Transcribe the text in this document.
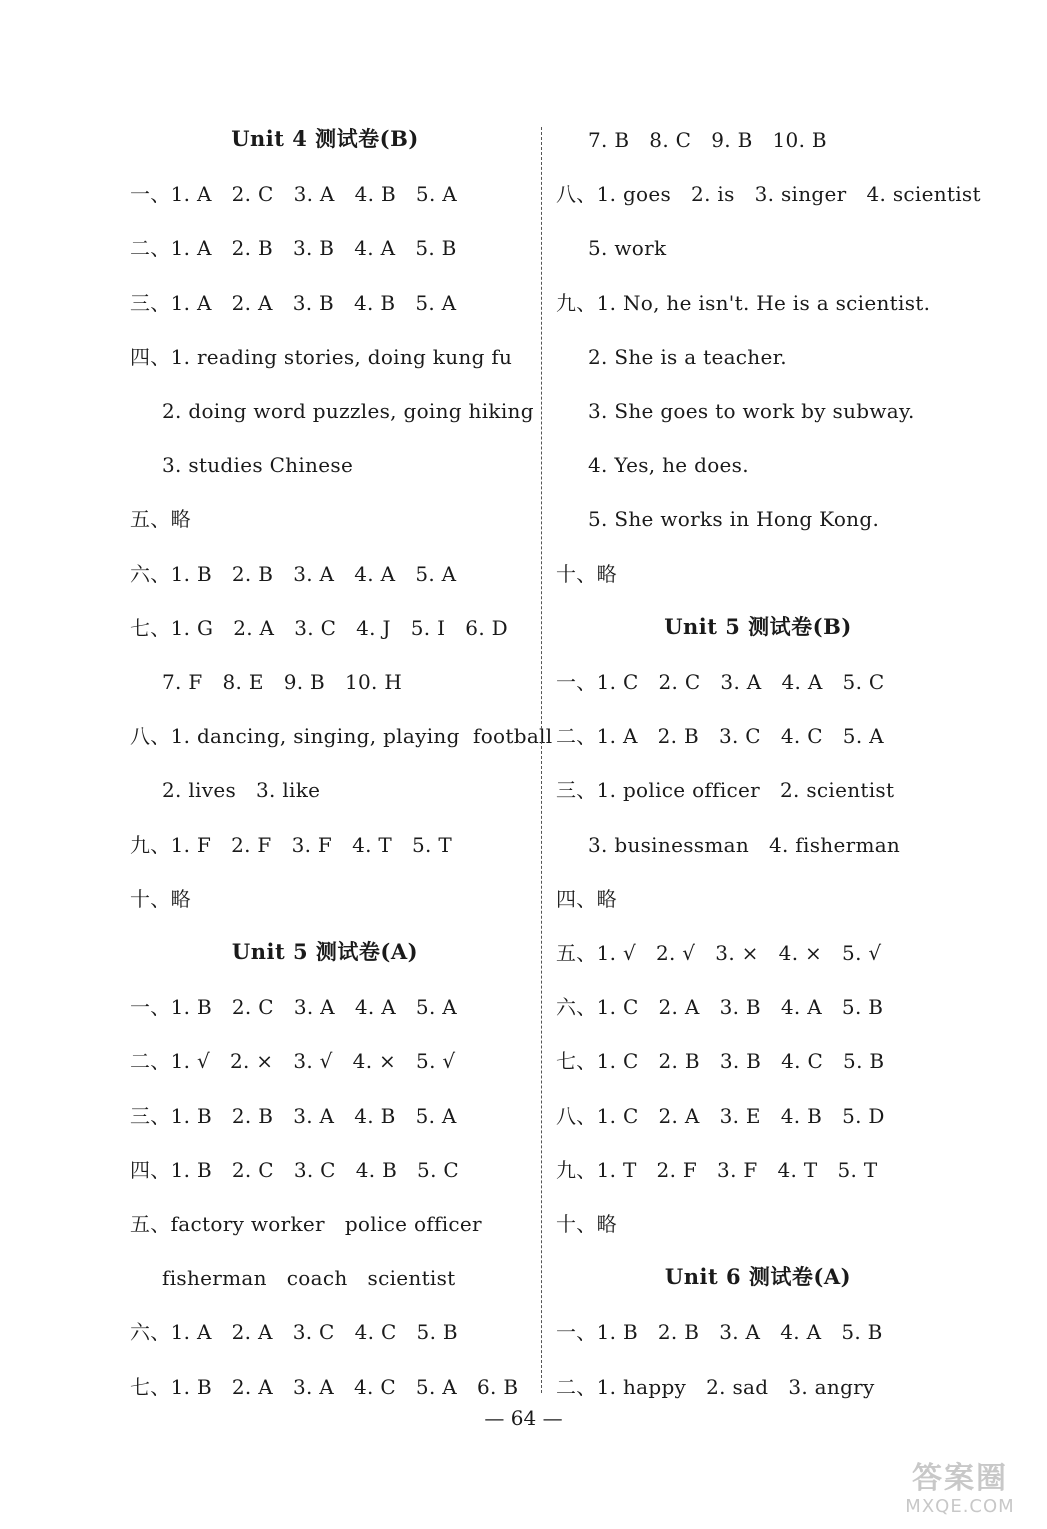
Unit 4 测试卷(B)
一、1. A   2. C   3. A   4. B   5. A
二、1. A   2. B   3. B   4. A   5. B
三、1. A   2. A   3. B   4. B   5. A
四、1. reading stories, doing kung fu
2. doing word puzzles, going hiking
3. studies Chinese
五、略
六、1. B   2. B   3. A   4. A   5. A
七、1. G   2. A   3. C   4. J   5. I   6. D
7. F   8. E   9. B   10. H
八、1. dancing, singing, playing  football
2. lives   3. like
九、1. F   2. F   3. F   4. T   5. T
十、略
Unit 5 测试卷(A)
一、1. B   2. C   3. A   4. A   5. A
二、1. √   2. ×   3. √   4. ×   5. √
三、1. B   2. B   3. A   4. B   5. A
四、1. B   2. C   3. C   4. B   5. C
五、factory worker   police officer
fisherman   coach   scientist
六、1. A   2. A   3. C   4. C   5. B
七、1. B   2. A   3. A   4. C   5. A   6. B
7. B   8. C   9. B   10. B
八、1. goes   2. is   3. singer   4. scientist
5. work
九、1. No, he isn't. He is a scientist.
2. She is a teacher.
3. She goes to work by subway.
4. Yes, he does.
5. She works in Hong Kong.
十、略
Unit 5 测试卷(B)
一、1. C   2. C   3. A   4. A   5. C
二、1. A   2. B   3. C   4. C   5. A
三、1. police officer   2. scientist
3. businessman   4. fisherman
四、略
五、1. √   2. √   3. ×   4. ×   5. √
六、1. C   2. A   3. B   4. A   5. B
七、1. C   2. B   3. B   4. C   5. B
八、1. C   2. A   3. E   4. B   5. D
九、1. T   2. F   3. F   4. T   5. T
十、略
Unit 6 测试卷(A)
一、1. B   2. B   3. A   4. A   5. B
二、1. happy   2. sad   3. angry
— 64 —
答案圈
MXQE.COM
